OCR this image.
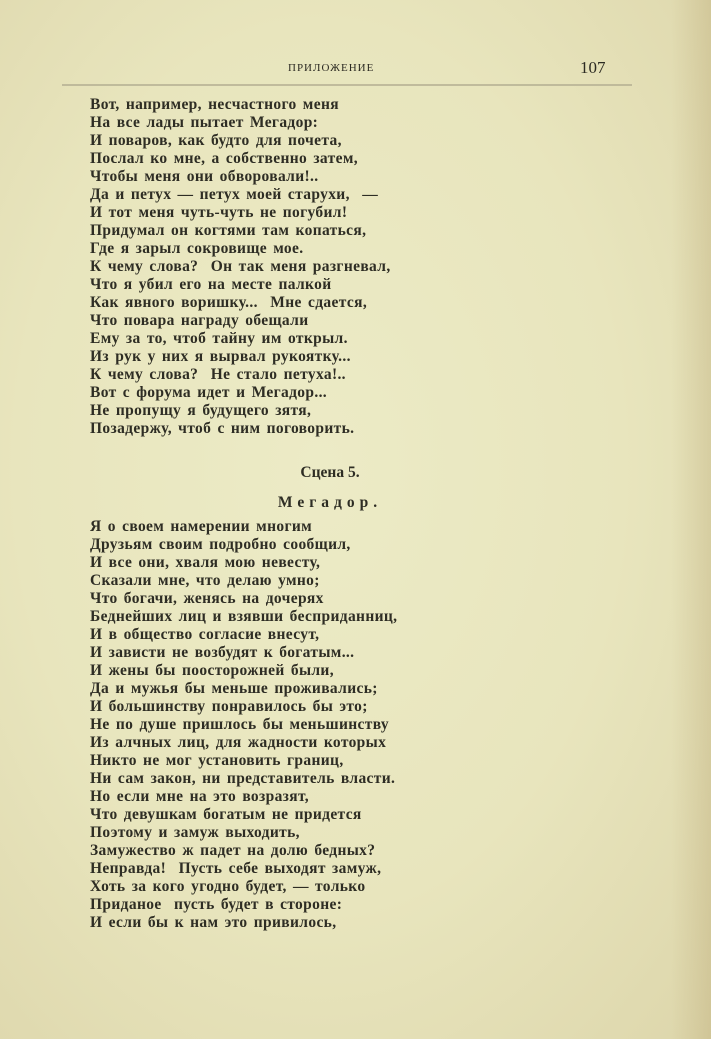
ПРИЛОЖЕНИЕ	107
Вот, например, несчастного меня
На все лады пытает Мегадор:
И поваров, как будто для почета,
Послал ко мне, а собственно затем,
Чтобы меня они обворовали!..
Да и петух — петух моей старухи,  —
И тот меня чуть-чуть не погубил!
Придумал он когтями там копаться,
Где я зарыл сокровище мое.
К чему слова?  Он так меня разгневал,
Что я убил его на месте палкой
Как явного воришку...  Мне сдается,
Что повара награду обещали
Ему за то, чтоб тайну им открыл.
Из рук у них я вырвал рукоятку...
К чему слова?  Не стало петуха!..
Вот с форума идет и Мегадор...
Не пропущу я будущего зятя,
Позадержу, чтоб с ним поговорить.
Сцена 5.
Мегадор.
Я о своем намерении многим
Друзьям своим подробно сообщил,
И все они, хваля мою невесту,
Сказали мне, что делаю умно;
Что богачи, женясь на дочерях
Беднейших лиц и взявши бесприданниц,
И в общество согласие внесут,
И зависти не возбудят к богатым...
И жены бы поосторожней были,
Да и мужья бы меньше проживались;
И большинству понравилось бы это;
Не по душе пришлось бы меньшинству
Из алчных лиц, для жадности которых
Никто не мог установить границ,
Ни сам закон, ни представитель власти.
Но если мне на это возразят,
Что девушкам богатым не придется
Поэтому и замуж выходить,
Замужество ж падет на долю бедных?
Неправда!  Пусть себе выходят замуж,
Хоть за кого угодно будет, — только
Приданое  пусть будет в стороне:
И если бы к нам это привилось,
